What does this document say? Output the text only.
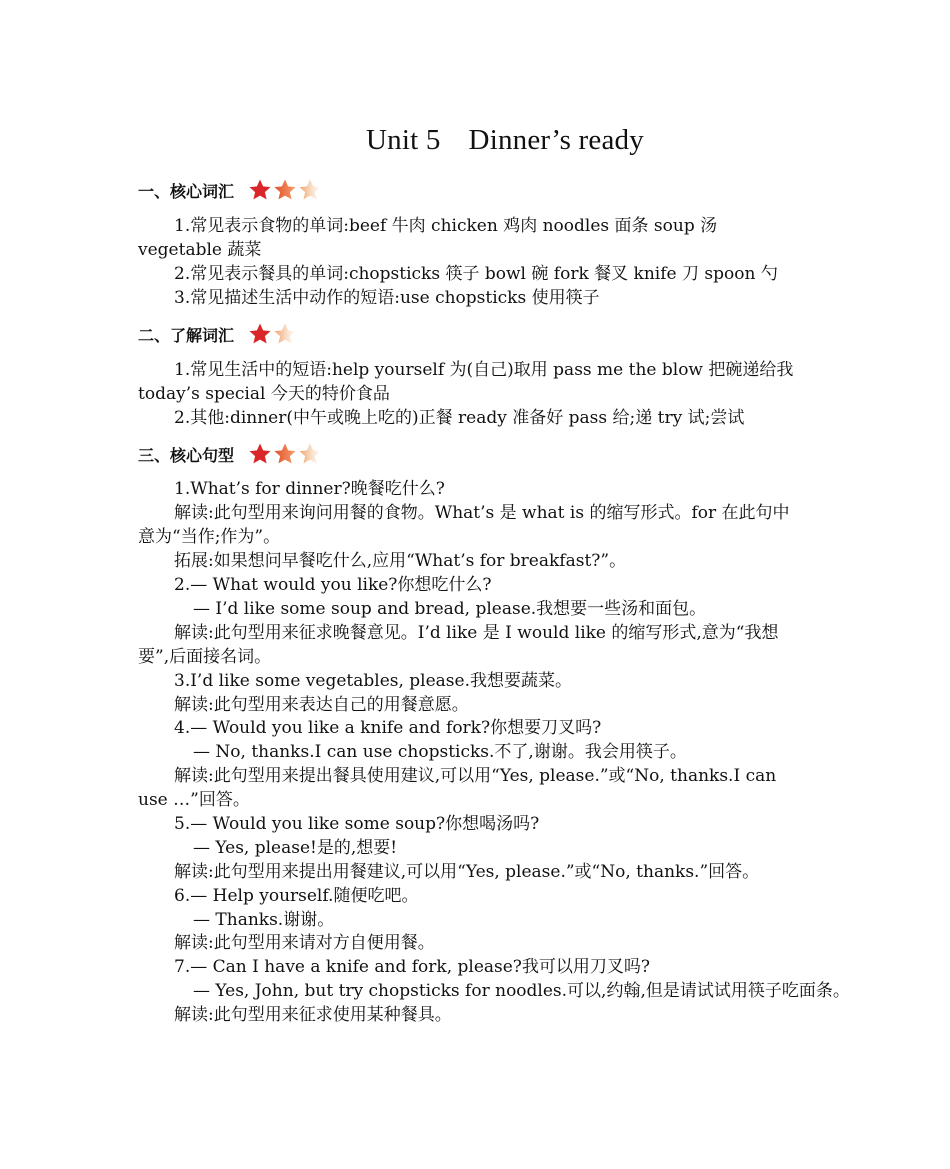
Unit 5 Dinner’s ready
一、核心词汇
1.常见表示食物的单词:beef 牛肉 chicken 鸡肉 noodles 面条 soup 汤
vegetable 蔬菜
2.常见表示餐具的单词:chopsticks 筷子 bowl 碗 fork 餐叉 knife 刀 spoon 勺
3.常见描述生活中动作的短语:use chopsticks 使用筷子
二、了解词汇
1.常见生活中的短语:help yourself 为(自己)取用 pass me the blow 把碗递给我
today’s special 今天的特价食品
2.其他:dinner(中午或晚上吃的)正餐 ready 准备好 pass 给;递 try 试;尝试
三、核心句型
1.What’s for dinner?晚餐吃什么?
解读:此句型用来询问用餐的食物。What’s 是 what is 的缩写形式。for 在此句中
意为“当作;作为”。
拓展:如果想问早餐吃什么,应用“What’s for breakfast?”。
2.— What would you like?你想吃什么?
— I’d like some soup and bread, please.我想要一些汤和面包。
解读:此句型用来征求晚餐意见。I’d like 是 I would like 的缩写形式,意为“我想
要”,后面接名词。
3.I’d like some vegetables, please.我想要蔬菜。
解读:此句型用来表达自己的用餐意愿。
4.— Would you like a knife and fork?你想要刀叉吗?
— No, thanks.I can use chopsticks.不了,谢谢。我会用筷子。
解读:此句型用来提出餐具使用建议,可以用“Yes, please.”或“No, thanks.I can
use …”回答。
5.— Would you like some soup?你想喝汤吗?
— Yes, please!是的,想要!
解读:此句型用来提出用餐建议,可以用“Yes, please.”或“No, thanks.”回答。
6.— Help yourself.随便吃吧。
— Thanks.谢谢。
解读:此句型用来请对方自便用餐。
7.— Can I have a knife and fork, please?我可以用刀叉吗?
— Yes, John, but try chopsticks for noodles.可以,约翰,但是请试试用筷子吃面条。
解读:此句型用来征求使用某种餐具。
